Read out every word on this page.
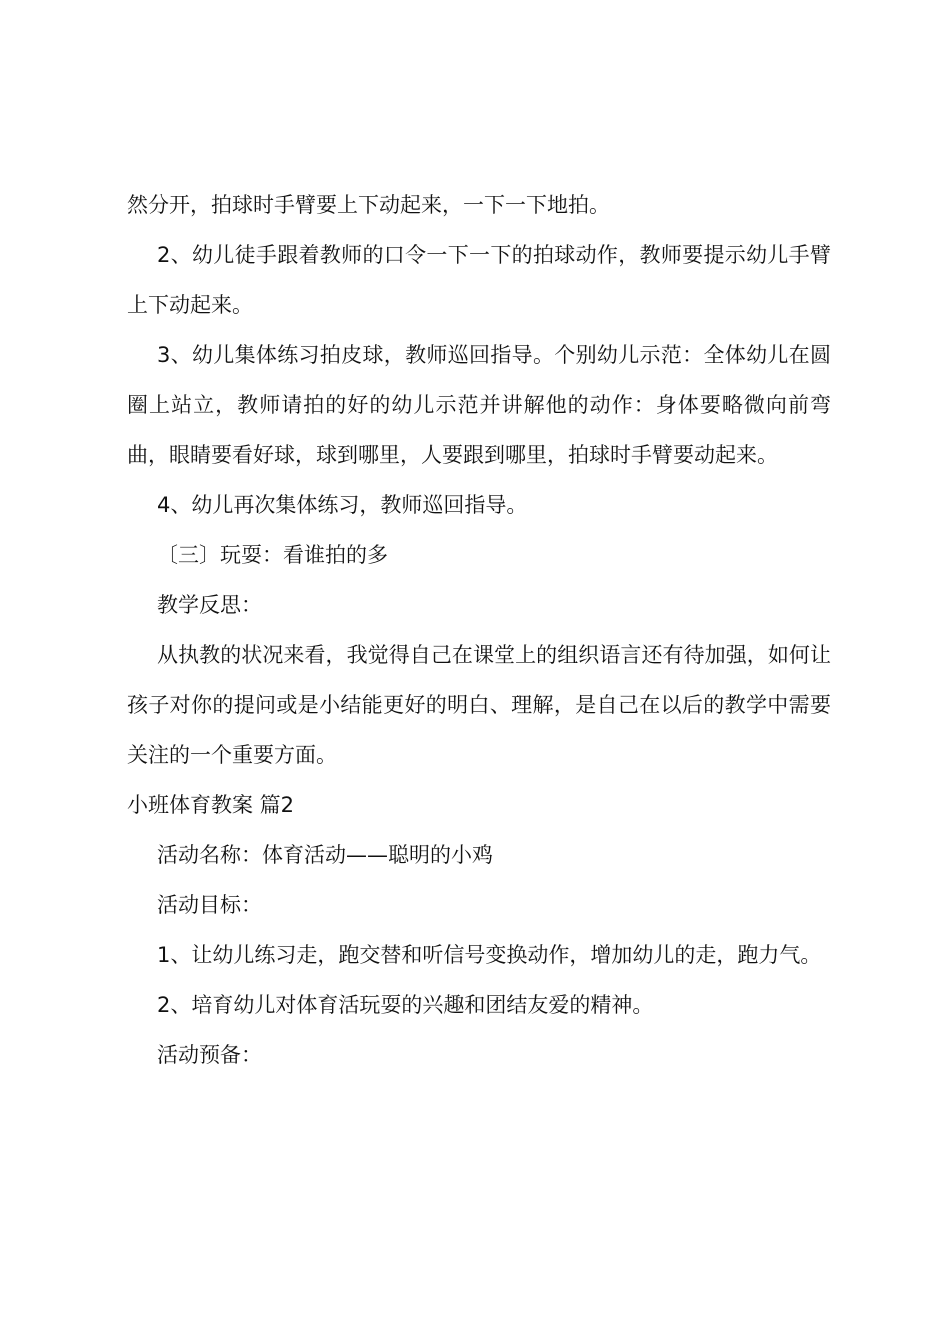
然分开，拍球时手臂要上下动起来，一下一下地拍。

2、幼儿徒手跟着教师的口令一下一下的拍球动作，教师要提示幼儿手臂上下动起来。

3、幼儿集体练习拍皮球，教师巡回指导。个别幼儿示范：全体幼儿在圆圈上站立，教师请拍的好的幼儿示范并讲解他的动作：身体要略微向前弯曲，眼睛要看好球，球到哪里，人要跟到哪里，拍球时手臂要动起来。

4、幼儿再次集体练习，教师巡回指导。

〔三〕玩耍：看谁拍的多

教学反思：

从执教的状况来看，我觉得自己在课堂上的组织语言还有待加强，如何让孩子对你的提问或是小结能更好的明白、理解，是自己在以后的教学中需要关注的一个重要方面。

小班体育教案 篇2

活动名称：体育活动——聪明的小鸡

活动目标：

1、让幼儿练习走，跑交替和听信号变换动作，增加幼儿的走，跑力气。

2、培育幼儿对体育活玩耍的兴趣和团结友爱的精神。

活动预备：
